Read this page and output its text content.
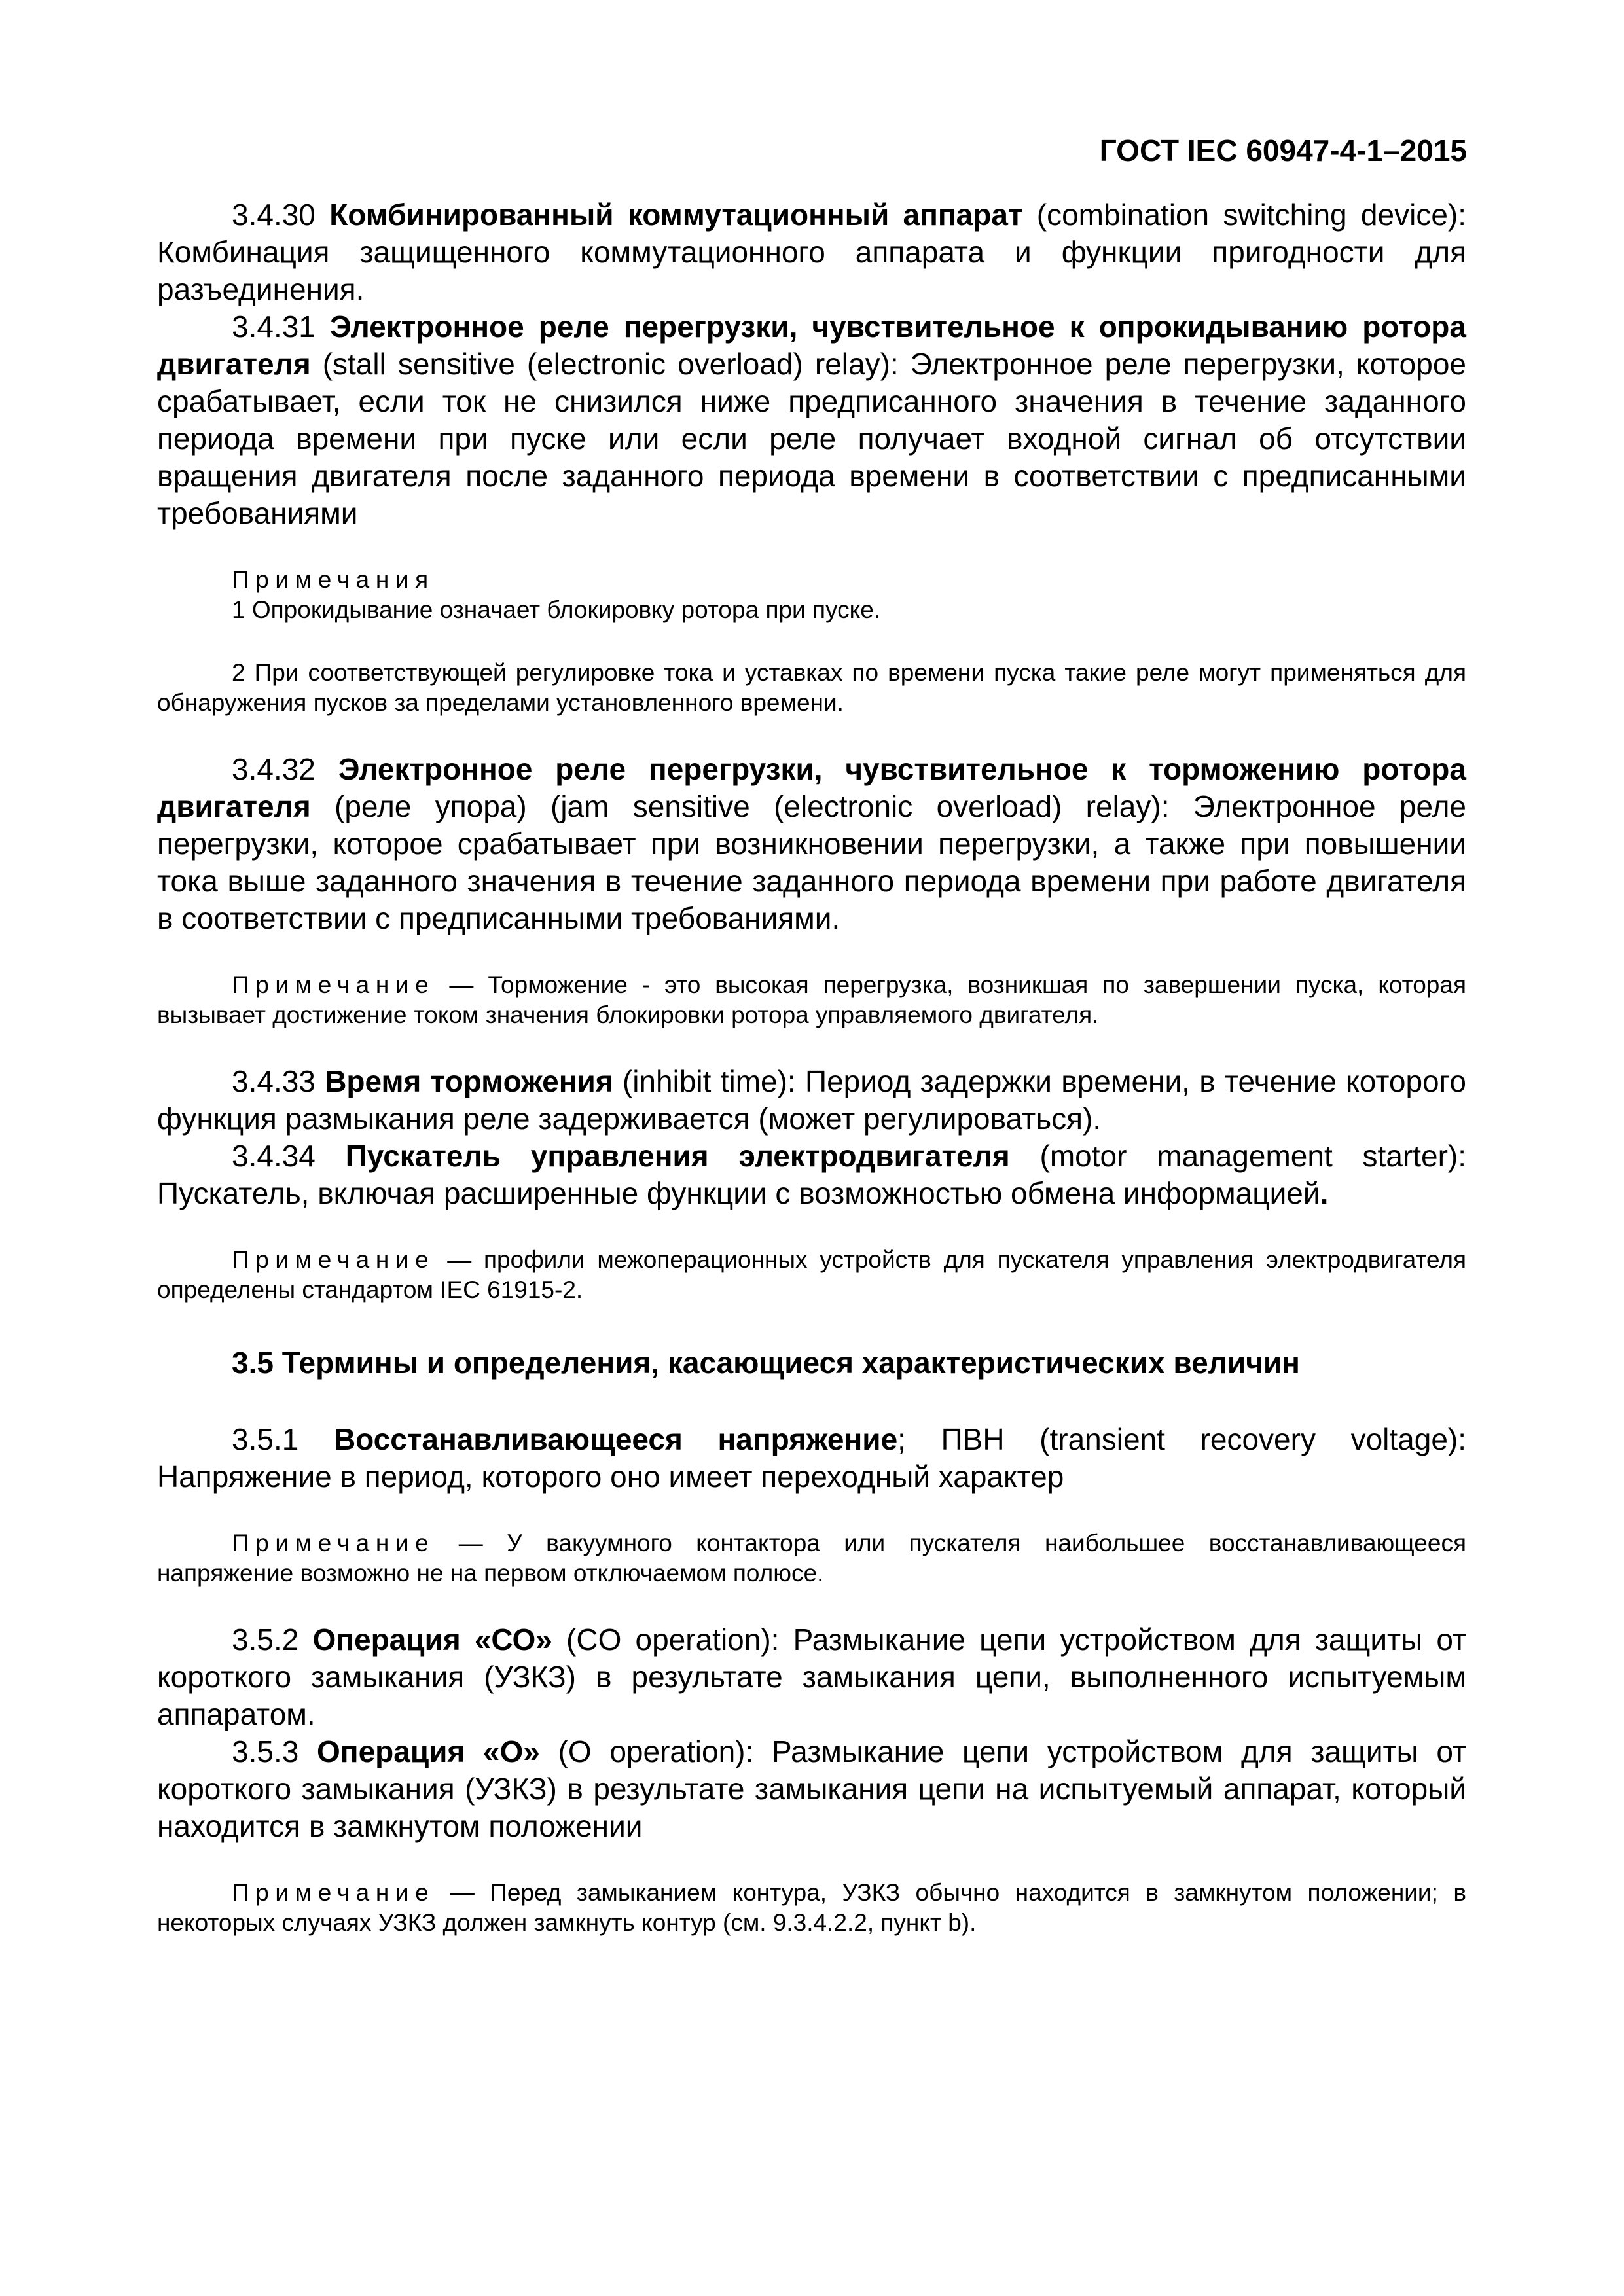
ГОСТ IEC 60947-4-1–2015

3.4.30 Комбинированный коммутационный аппарат (combination switching device): Комбинация защищенного коммутационного аппарата и функции пригодности для разъединения.

3.4.31 Электронное реле перегрузки, чувствительное к опрокидыванию ротора двигателя (stall sensitive (electronic overload) relay): Электронное реле перегрузки, которое срабатывает, если ток не снизился ниже предписанного значения в течение заданного периода времени при пуске или если реле получает входной сигнал об отсутствии вращения двигателя после заданного периода времени в соответствии с предписанными требованиями

Примечания

1 Опрокидывание означает блокировку ротора при пуске.

2 При соответствующей регулировке тока и уставках по времени пуска такие реле могут применяться для обнаружения пусков за пределами установленного времени.

3.4.32 Электронное реле перегрузки, чувствительное к торможению ротора двигателя (реле упора) (jam sensitive (electronic overload) relay): Электронное реле перегрузки, которое срабатывает при возникновении перегрузки, а также при повышении тока выше заданного значения в течение заданного периода времени при работе двигателя в соответствии с предписанными требованиями.

Примечание — Торможение - это высокая перегрузка, возникшая по завершении пуска, которая вызывает достижение током значения блокировки ротора управляемого двигателя.

3.4.33 Время торможения (inhibit time): Период задержки времени, в течение которого функция размыкания реле задерживается (может регулироваться).

3.4.34 Пускатель управления электродвигателя (motor management starter): Пускатель, включая расширенные функции с возможностью обмена информацией.

Примечание — профили межоперационных устройств для пускателя управления электродвигателя определены стандартом IEC 61915-2.

3.5 Термины и определения, касающиеся характеристических величин

3.5.1 Восстанавливающееся напряжение; ПВН (transient recovery voltage): Напряжение в период, которого оно имеет переходный характер

Примечание — У вакуумного контактора или пускателя наибольшее восстанавливающееся напряжение возможно не на первом отключаемом полюсе.

3.5.2 Операция «СО» (CO operation): Размыкание цепи устройством для защиты от короткого замыкания (УЗКЗ) в результате замыкания цепи, выполненного испытуемым аппаратом.

3.5.3 Операция «О» (O operation): Размыкание цепи устройством для защиты от короткого замыкания (УЗКЗ) в результате замыкания цепи на испытуемый аппарат, который находится в замкнутом положении

Примечание — Перед замыканием контура, УЗКЗ обычно находится в замкнутом положении; в некоторых случаях УЗКЗ должен замкнуть контур (см. 9.3.4.2.2, пункт b).
